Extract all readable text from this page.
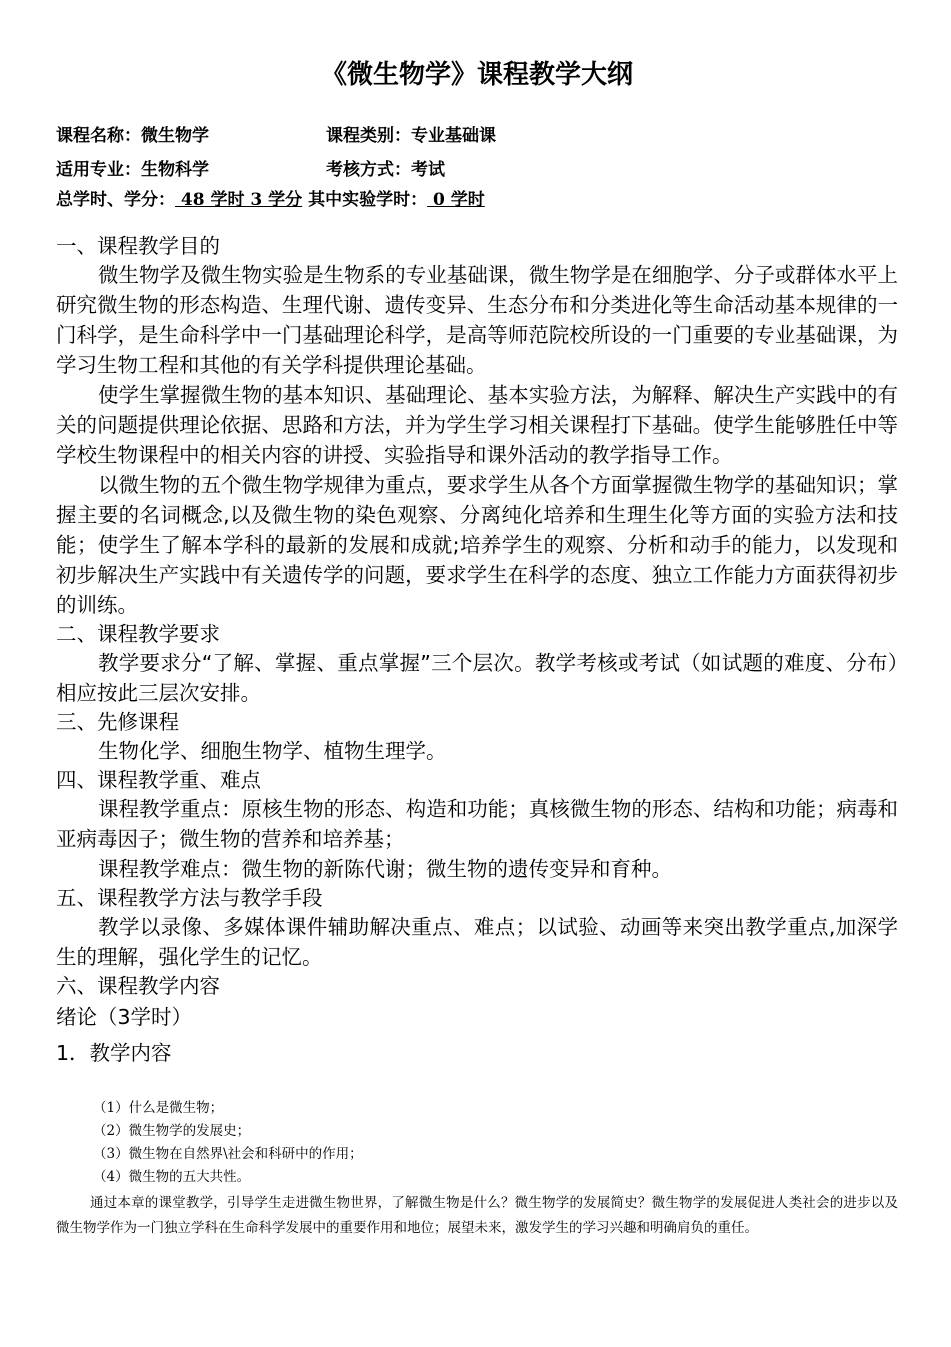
《微生物学》课程教学大纲
课程名称：微生物学	课程类别：专业基础课
适用专业：生物科学	考核方式：考试
总学时、学分： 48 学时 3 学分 其中实验学时： 0 学时

一、课程教学目的

微生物学及微生物实验是生物系的专业基础课，微生物学是在细胞学、分子或群体水平上研究微生物的形态构造、生理代谢、遗传变异、生态分布和分类进化等生命活动基本规律的一门科学，是生命科学中一门基础理论科学，是高等师范院校所设的一门重要的专业基础课，为学习生物工程和其他的有关学科提供理论基础。

使学生掌握微生物的基本知识、基础理论、基本实验方法，为解释、解决生产实践中的有关的问题提供理论依据、思路和方法，并为学生学习相关课程打下基础。使学生能够胜任中等学校生物课程中的相关内容的讲授、实验指导和课外活动的教学指导工作。

以微生物的五个微生物学规律为重点，要求学生从各个方面掌握微生物学的基础知识；掌握主要的名词概念,以及微生物的染色观察、分离纯化培养和生理生化等方面的实验方法和技能；使学生了解本学科的最新的发展和成就;培养学生的观察、分析和动手的能力，以发现和初步解决生产实践中有关遗传学的问题，要求学生在科学的态度、独立工作能力方面获得初步的训练。

二、课程教学要求

教学要求分“了解、掌握、重点掌握”三个层次。教学考核或考试（如试题的难度、分布）相应按此三层次安排。

三、先修课程

生物化学、细胞生物学、植物生理学。

四、课程教学重、难点

课程教学重点：原核生物的形态、构造和功能；真核微生物的形态、结构和功能；病毒和亚病毒因子；微生物的营养和培养基；

课程教学难点：微生物的新陈代谢；微生物的遗传变异和育种。

五、课程教学方法与教学手段

教学以录像、多媒体课件辅助解决重点、难点；以试验、动画等来突出教学重点,加深学生的理解，强化学生的记忆。

六、课程教学内容

绪论（3学时）

1．教学内容

（1）什么是微生物；
（2）微生物学的发展史；
（3）微生物在自然界\社会和科研中的作用；
（4）微生物的五大共性。
通过本章的课堂教学，引导学生走进微生物世界，了解微生物是什么？微生物学的发展简史？微生物学的发展促进人类社会的进步以及微生物学作为一门独立学科在生命科学发展中的重要作用和地位；展望未来，激发学生的学习兴趣和明确肩负的重任。
